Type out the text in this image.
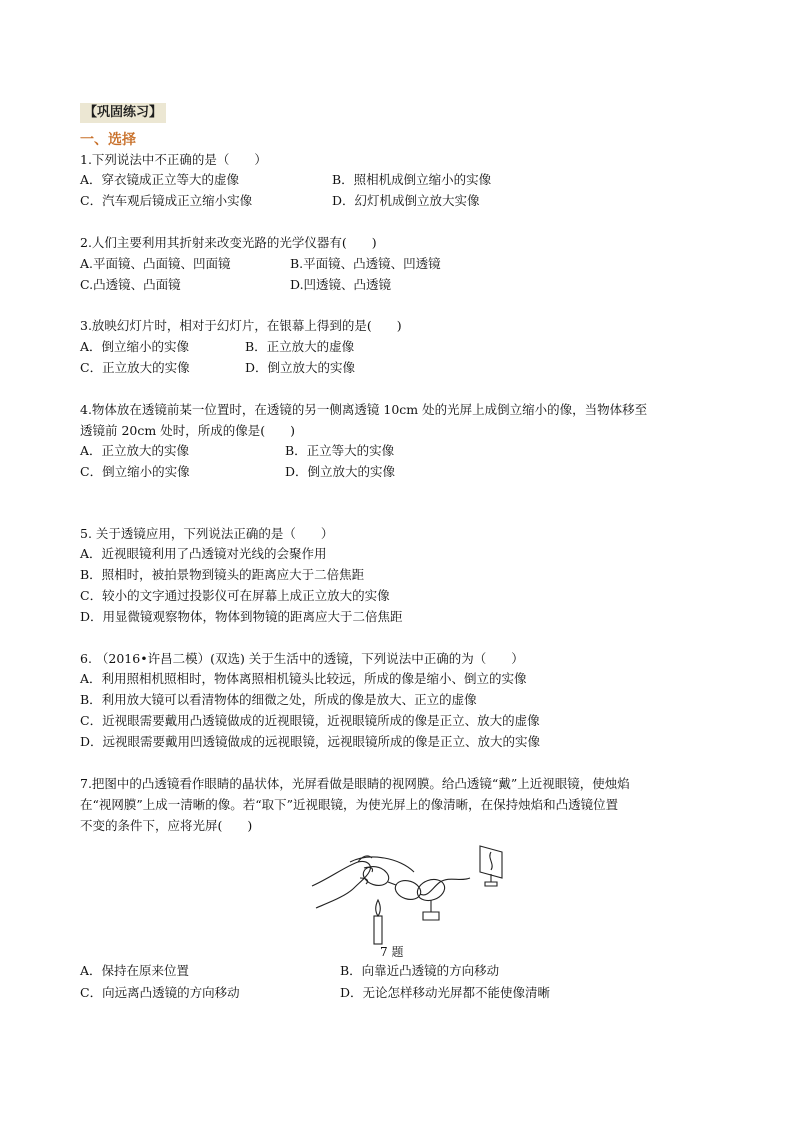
【巩固练习】
一、选择
1.下列说法中不正确的是（　　）
A．穿衣镜成正立等大的虚像	B．照相机成倒立缩小的实像
C．汽车观后镜成正立缩小实像	D．幻灯机成倒立放大实像
2.人们主要利用其折射来改变光路的光学仪器有(　　)
A.平面镜、凸面镜、凹面镜	B.平面镜、凸透镜、凹透镜
C.凸透镜、凸面镜	D.凹透镜、凸透镜
3.放映幻灯片时，相对于幻灯片，在银幕上得到的是(　　)
A．倒立缩小的实像	B．正立放大的虚像
C．正立放大的实像	D．倒立放大的实像
4.物体放在透镜前某一位置时，在透镜的另一侧离透镜 10cm 处的光屏上成倒立缩小的像，当物体移至
透镜前 20cm 处时，所成的像是(　　)
A．正立放大的实像	B．正立等大的实像
C．倒立缩小的实像	D．倒立放大的实像
5. 关于透镜应用，下列说法正确的是（　　）
A．近视眼镜利用了凸透镜对光线的会聚作用
B．照相时，被拍景物到镜头的距离应大于二倍焦距
C．较小的文字通过投影仪可在屏幕上成正立放大的实像
D．用显微镜观察物体，物体到物镜的距离应大于二倍焦距
6. （2016•许昌二模）(双选) 关于生活中的透镜，下列说法中正确的为（　　）
A．利用照相机照相时，物体离照相机镜头比较远，所成的像是缩小、倒立的实像
B．利用放大镜可以看清物体的细微之处，所成的像是放大、正立的虚像
C．近视眼需要戴用凸透镜做成的近视眼镜，近视眼镜所成的像是正立、放大的虚像
D．远视眼需要戴用凹透镜做成的远视眼镜，远视眼镜所成的像是正立、放大的实像
7.把图中的凸透镜看作眼睛的晶状体，光屏看做是眼睛的视网膜。给凸透镜“戴”上近视眼镜，使烛焰
在“视网膜”上成一清晰的像。若“取下”近视眼镜，为使光屏上的像清晰，在保持烛焰和凸透镜位置
不变的条件下，应将光屏(　　)
7 题
A．保持在原来位置	B．向靠近凸透镜的方向移动
C．向远离凸透镜的方向移动	D．无论怎样移动光屏都不能使像清晰
